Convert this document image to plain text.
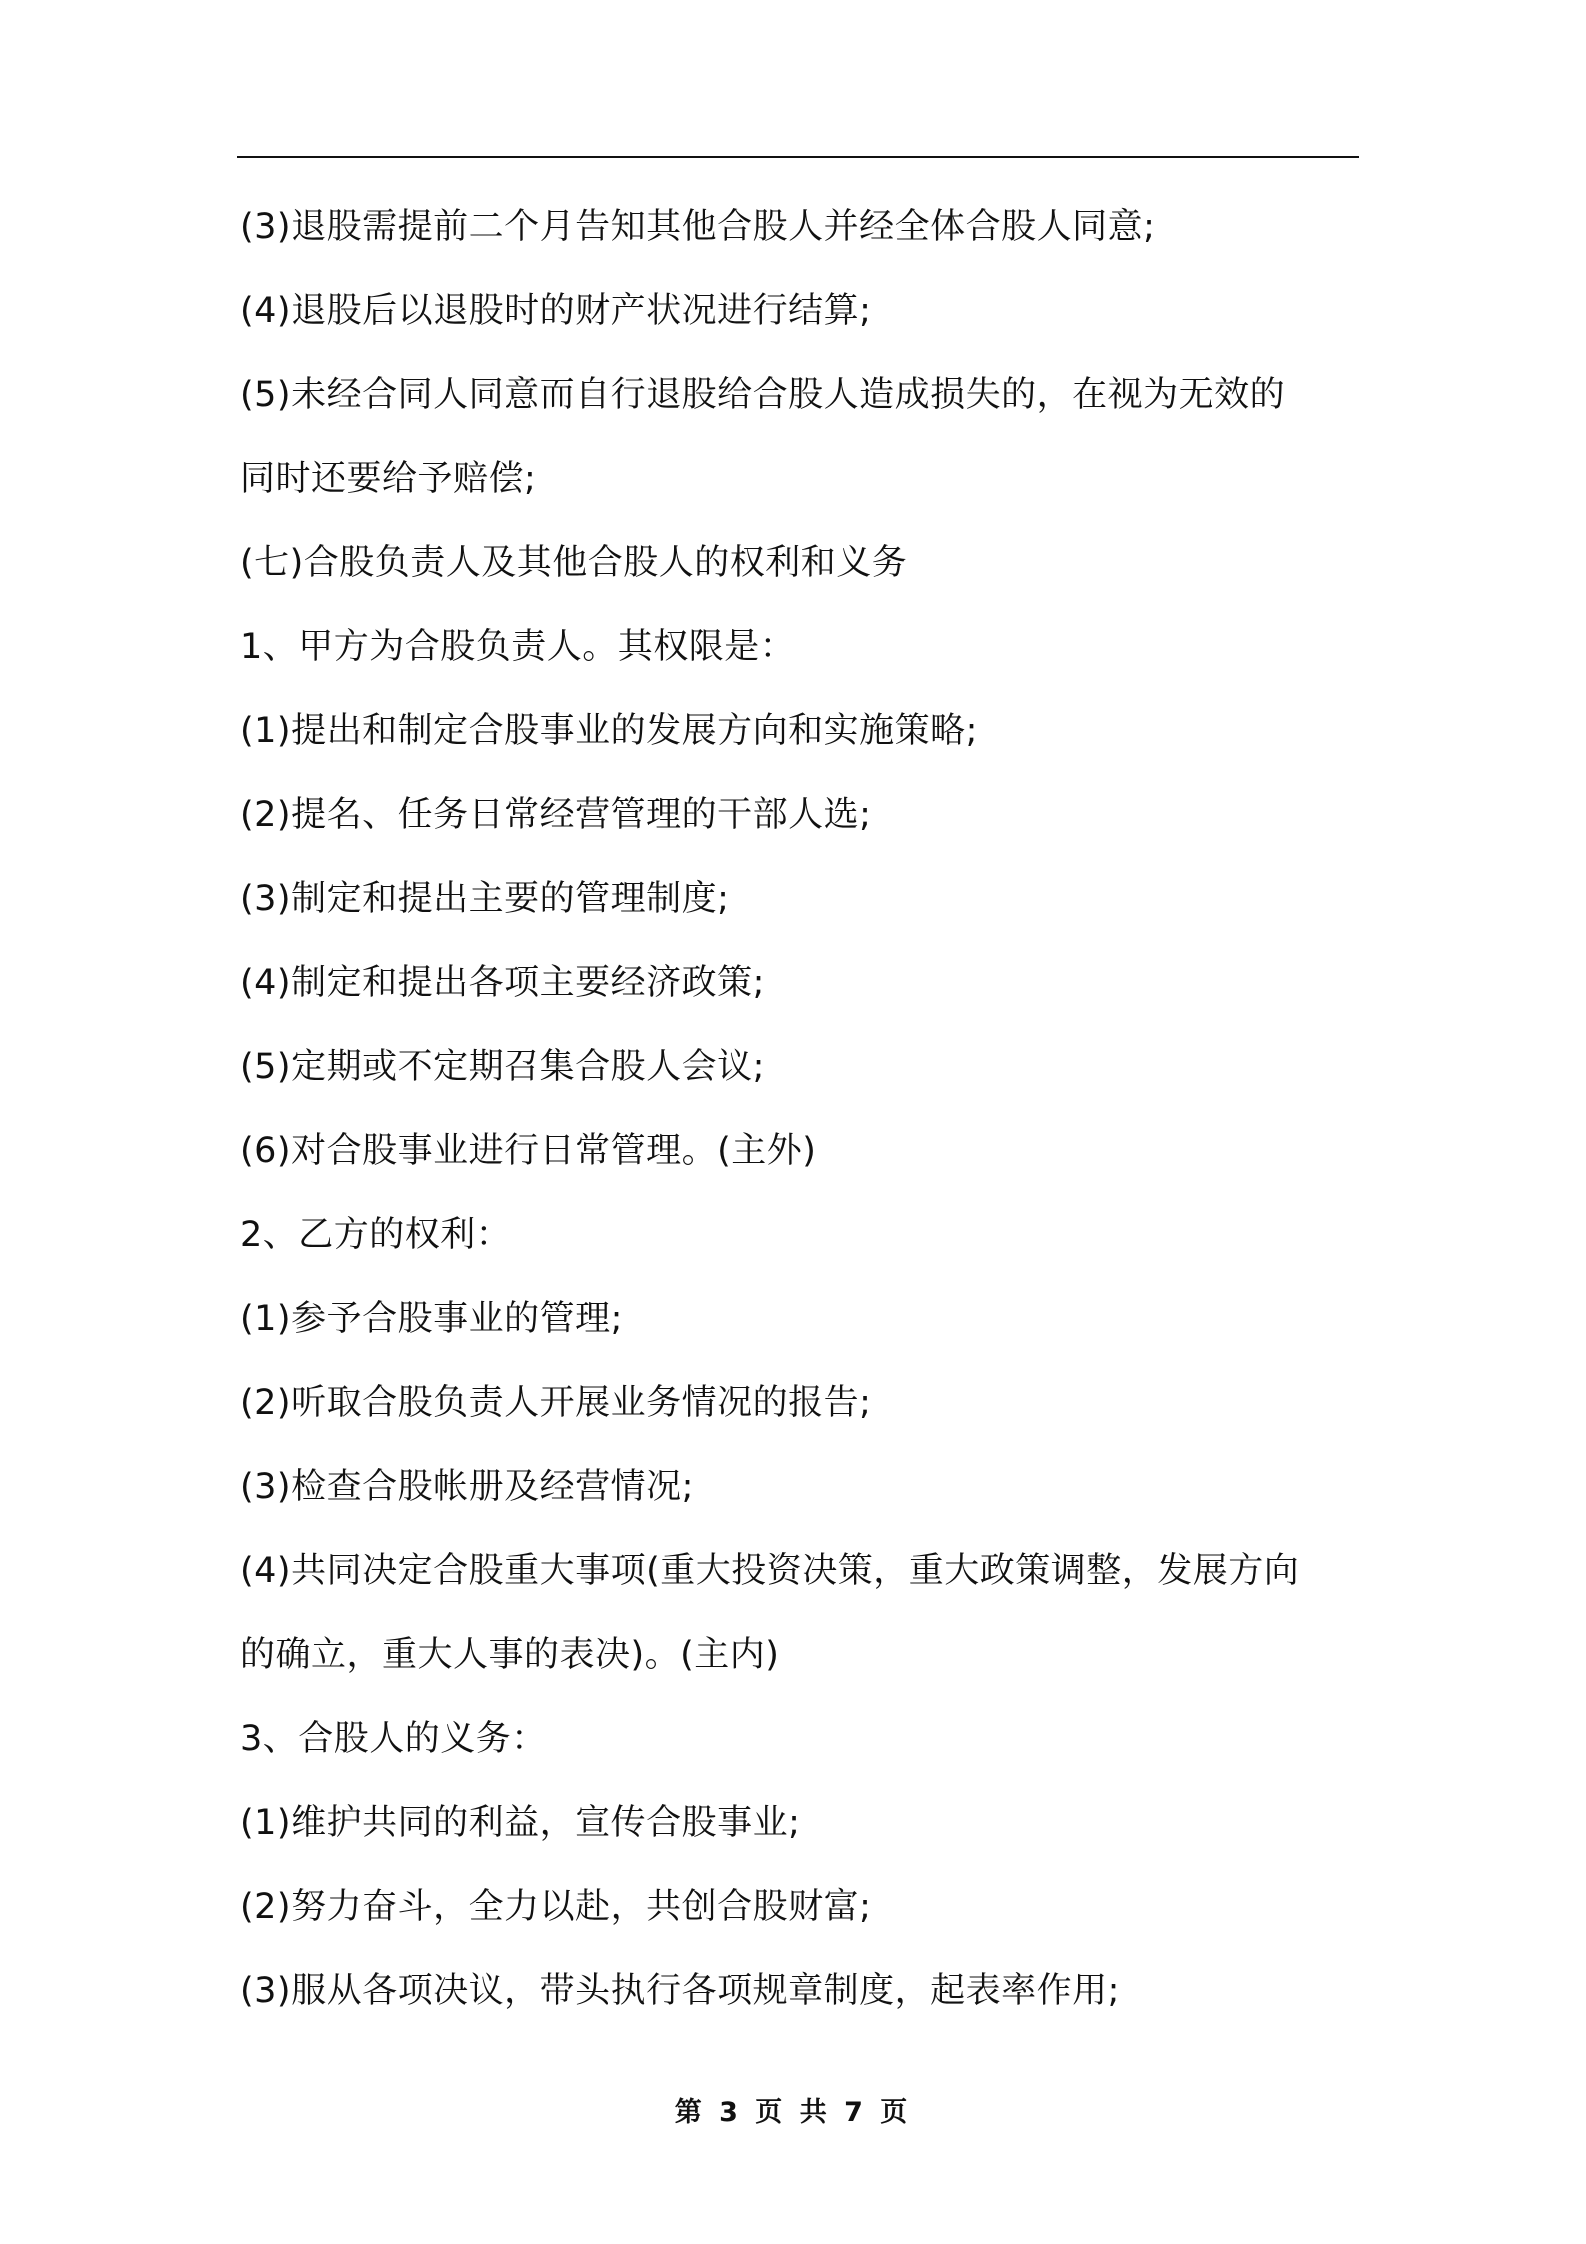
(3)退股需提前二个月告知其他合股人并经全体合股人同意;
(4)退股后以退股时的财产状况进行结算;
(5)未经合同人同意而自行退股给合股人造成损失的，在视为无效的
同时还要给予赔偿;
(七)合股负责人及其他合股人的权利和义务
1、甲方为合股负责人。其权限是：
(1)提出和制定合股事业的发展方向和实施策略;
(2)提名、任务日常经营管理的干部人选;
(3)制定和提出主要的管理制度;
(4)制定和提出各项主要经济政策;
(5)定期或不定期召集合股人会议;
(6)对合股事业进行日常管理。(主外)
2、乙方的权利：
(1)参予合股事业的管理;
(2)听取合股负责人开展业务情况的报告;
(3)检查合股帐册及经营情况;
(4)共同决定合股重大事项(重大投资决策，重大政策调整，发展方向
的确立，重大人事的表决)。(主内)
3、合股人的义务：
(1)维护共同的利益，宣传合股事业;
(2)努力奋斗，全力以赴，共创合股财富;
(3)服从各项决议，带头执行各项规章制度，起表率作用;
第 3 页 共 7 页
